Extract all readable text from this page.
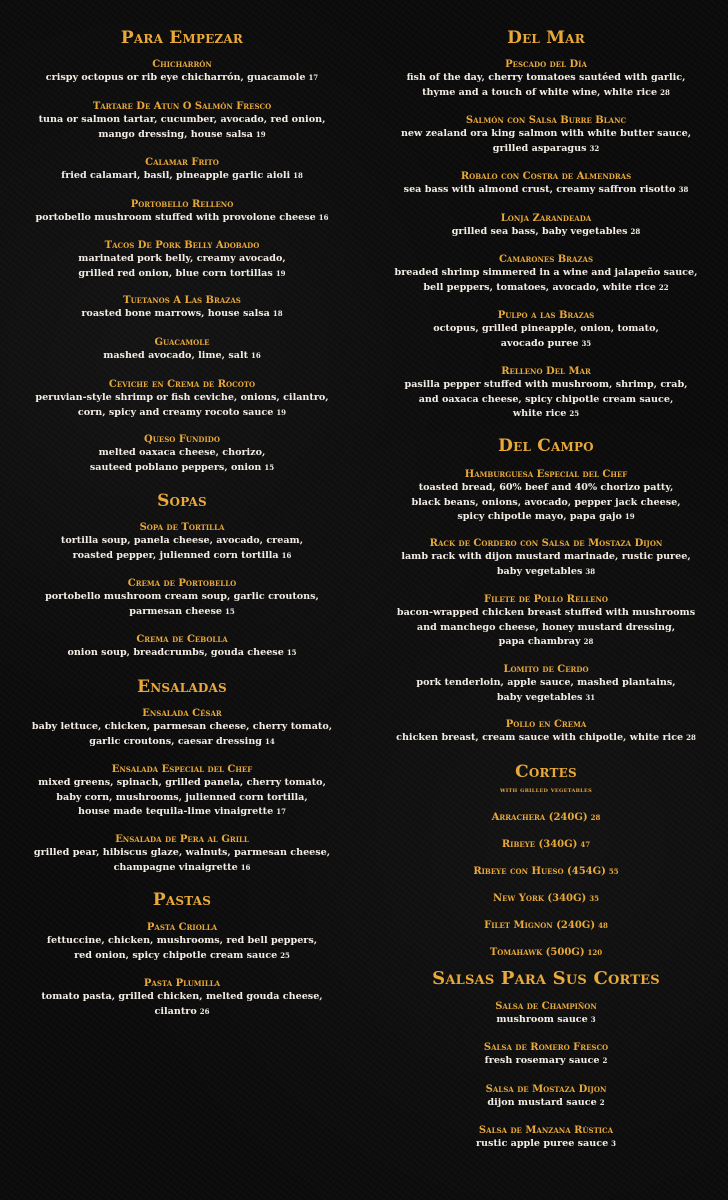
Para Empezar
Chicharrón
crispy octopus or rib eye chicharrón, guacamole 17
Tartare De Atun O Salmón Fresco
tuna or salmon tartar, cucumber, avocado, red onion,
mango dressing, house salsa 19
Calamar Frito
fried calamari, basil, pineapple garlic aioli 18
Portobello Relleno
portobello mushroom stuffed with provolone cheese 16
Tacos De Pork Belly Adobado
marinated pork belly, creamy avocado,
grilled red onion, blue corn tortillas 19
Tuetanos A Las Brazas
roasted bone marrows, house salsa 18
Guacamole
mashed avocado, lime, salt 16
Ceviche en Crema de Rocoto
peruvian-style shrimp or fish ceviche, onions, cilantro,
corn, spicy and creamy rocoto sauce 19
Queso Fundido
melted oaxaca cheese, chorizo,
sauteed poblano peppers, onion 15
Sopas
Sopa de Tortilla
tortilla soup, panela cheese, avocado, cream,
roasted pepper, julienned corn tortilla 16
Crema de Portobello
portobello mushroom cream soup, garlic croutons,
parmesan cheese 15
Crema de Cebolla
onion soup, breadcrumbs, gouda cheese 15
Ensaladas
Ensalada César
baby lettuce, chicken, parmesan cheese, cherry tomato,
garlic croutons, caesar dressing 14
Ensalada Especial del Chef
mixed greens, spinach, grilled panela, cherry tomato,
baby corn, mushrooms, julienned corn tortilla,
house made tequila-lime vinaigrette 17
Ensalada de Pera al Grill
grilled pear, hibiscus glaze, walnuts, parmesan cheese,
champagne vinaigrette 16
Pastas
Pasta Criolla
fettuccine, chicken, mushrooms, red bell peppers,
red onion, spicy chipotle cream sauce 25
Pasta Plumilla
tomato pasta, grilled chicken, melted gouda cheese,
cilantro 26
Del Mar
Pescado del Día
fish of the day, cherry tomatoes sautéed with garlic,
thyme and a touch of white wine, white rice 28
Salmón con Salsa Burre Blanc
new zealand ora king salmon with white butter sauce,
grilled asparagus 32
Robalo con Costra de Almendras
sea bass with almond crust, creamy saffron risotto 38
Lonja Zarandeada
grilled sea bass, baby vegetables 28
Camarones Brazas
breaded shrimp simmered in a wine and jalapeño sauce,
bell peppers, tomatoes, avocado, white rice 22
Pulpo a las Brazas
octopus, grilled pineapple, onion, tomato,
avocado puree 35
Relleno Del Mar
pasilla pepper stuffed with mushroom, shrimp, crab,
and oaxaca cheese, spicy chipotle cream sauce,
white rice 25
Del Campo
Hamburguesa Especial del Chef
toasted bread, 60% beef and 40% chorizo patty,
black beans, onions, avocado, pepper jack cheese,
spicy chipotle mayo, papa gajo 19
Rack de Cordero con Salsa de Mostaza Dijon
lamb rack with dijon mustard marinade, rustic puree,
baby vegetables 38
Filete de Pollo Relleno
bacon-wrapped chicken breast stuffed with mushrooms
and manchego cheese, honey mustard dressing,
papa chambray 28
Lomito de Cerdo
pork tenderloin, apple sauce, mashed plantains,
baby vegetables 31
Pollo en Crema
chicken breast, cream sauce with chipotle, white rice 28
Cortes
with grilled vegetables
Arrachera (240G) 28
Ribeye (340G) 47
Ribeye con Hueso (454G) 55
New York (340G) 35
Filet Mignon (240G) 48
Tomahawk (500G) 120
Salsas Para Sus Cortes
Salsa de Champiñon
mushroom sauce 3
Salsa de Romero Fresco
fresh rosemary sauce 2
Salsa de Mostaza Dijon
dijon mustard sauce 2
Salsa de Manzana Rústica
rustic apple puree sauce 3
